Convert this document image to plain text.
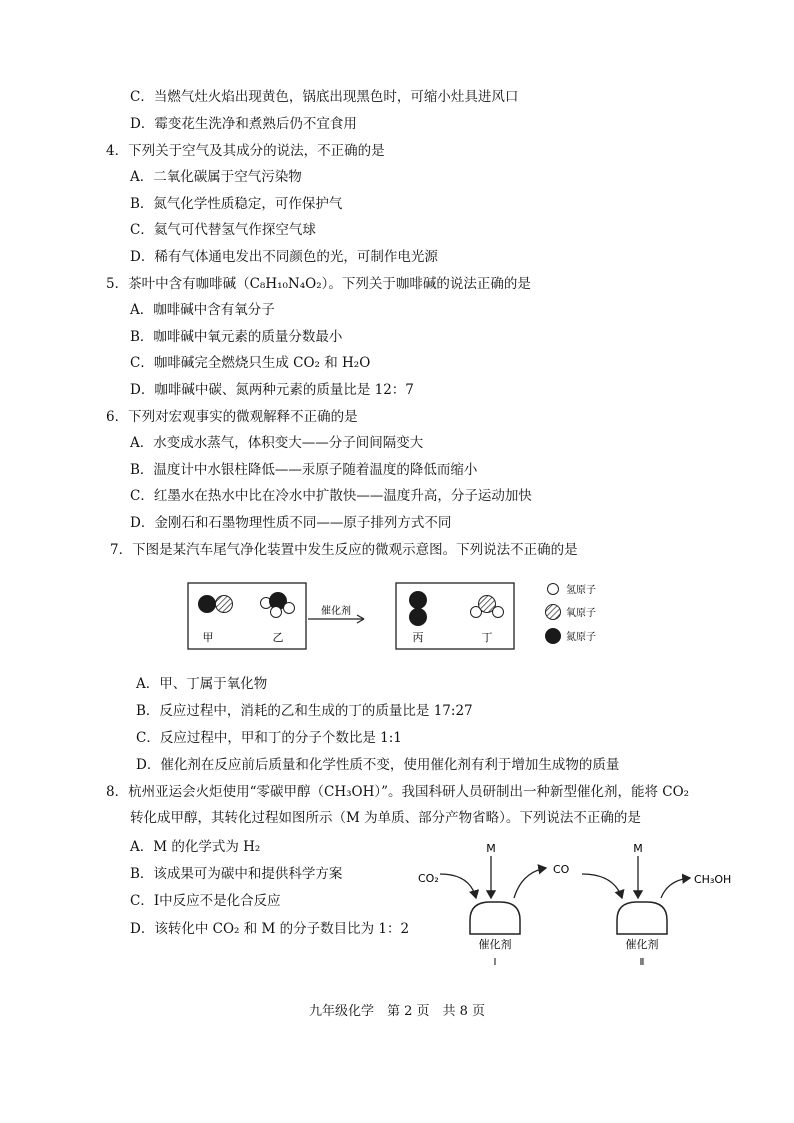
C．当燃气灶火焰出现黄色，锅底出现黑色时，可缩小灶具进风口
D．霉变花生洗净和煮熟后仍不宜食用
4．下列关于空气及其成分的说法，不正确的是
A．二氧化碳属于空气污染物
B．氮气化学性质稳定，可作保护气
C．氦气可代替氢气作探空气球
D．稀有气体通电发出不同颜色的光，可制作电光源
5．茶叶中含有咖啡碱（C₈H₁₀N₄O₂）。下列关于咖啡碱的说法正确的是
A．咖啡碱中含有氧分子
B．咖啡碱中氧元素的质量分数最小
C．咖啡碱完全燃烧只生成 CO₂ 和 H₂O
D．咖啡碱中碳、氮两种元素的质量比是 12：7
6．下列对宏观事实的微观解释不正确的是
A．水变成水蒸气，体积变大——分子间间隔变大
B．温度计中水银柱降低——汞原子随着温度的降低而缩小
C．红墨水在热水中比在冷水中扩散快——温度升高，分子运动加快
D．金刚石和石墨物理性质不同——原子排列方式不同
7．下图是某汽车尾气净化装置中发生反应的微观示意图。下列说法不正确的是
甲	乙
催化剂
丙	丁
氢原子
氧原子
氮原子
A．甲、丁属于氧化物
B．反应过程中，消耗的乙和生成的丁的质量比是 17:27
C．反应过程中，甲和丁的分子个数比是 1:1
D．催化剂在反应前后质量和化学性质不变，使用催化剂有利于增加生成物的质量
8．杭州亚运会火炬使用“零碳甲醇（CH₃OH）”。我国科研人员研制出一种新型催化剂，能将 CO₂
转化成甲醇，其转化过程如图所示（M 为单质、部分产物省略）。下列说法不正确的是
A．M 的化学式为 H₂
B．该成果可为碳中和提供科学方案
C．Ⅰ中反应不是化合反应
D．该转化中 CO₂ 和 M 的分子数目比为 1：2
催化剂
Ⅰ
CO₂
M
CO
催化剂
Ⅱ
M
CH₃OH
九年级化学　第 2 页　共 8 页
